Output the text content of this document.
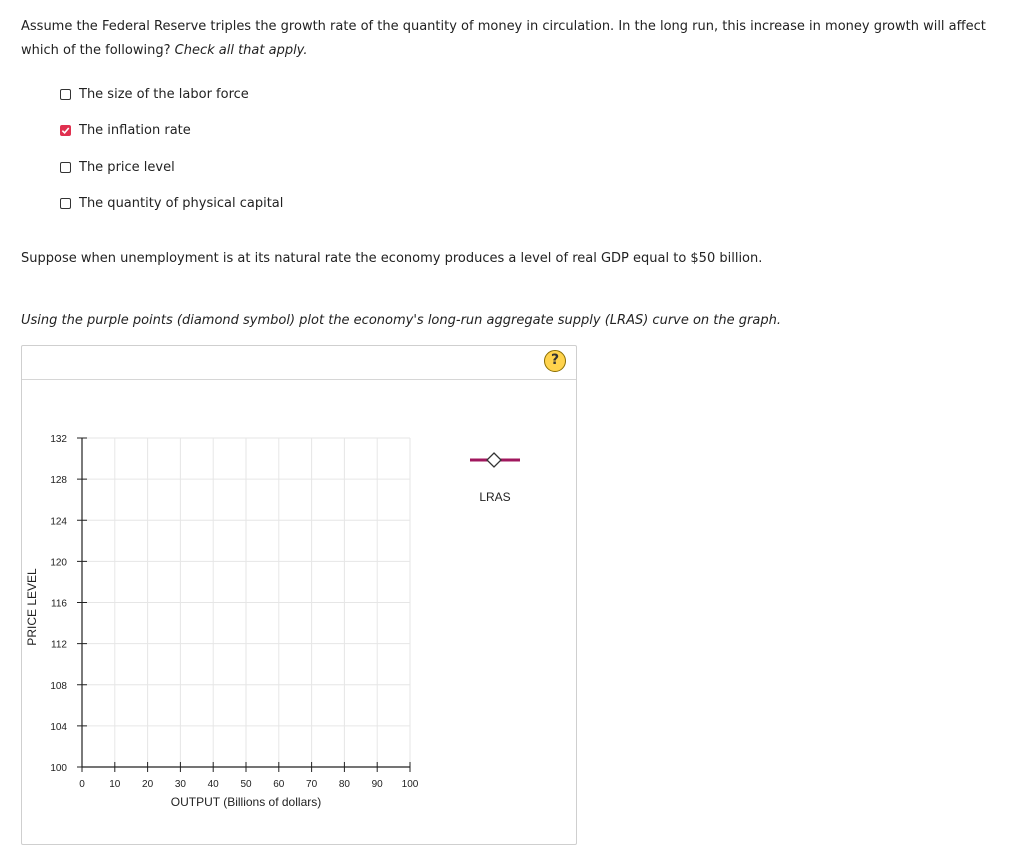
Assume the Federal Reserve triples the growth rate of the quantity of money in circulation. In the long run, this increase in money growth will affect which of the following? Check all that apply.
The size of the labor force
The inflation rate
The price level
The quantity of physical capital
Suppose when unemployment is at its natural rate the economy produces a level of real GDP equal to $50 billion.
Using the purple points (diamond symbol) plot the economy's long-run aggregate supply (LRAS) curve on the graph.
?
0 10 20 30 40 50 60 70 80 90 100
100
104
108
112
116
120
124
128
132
PRICE LEVEL
OUTPUT (Billions of dollars)
LRAS
